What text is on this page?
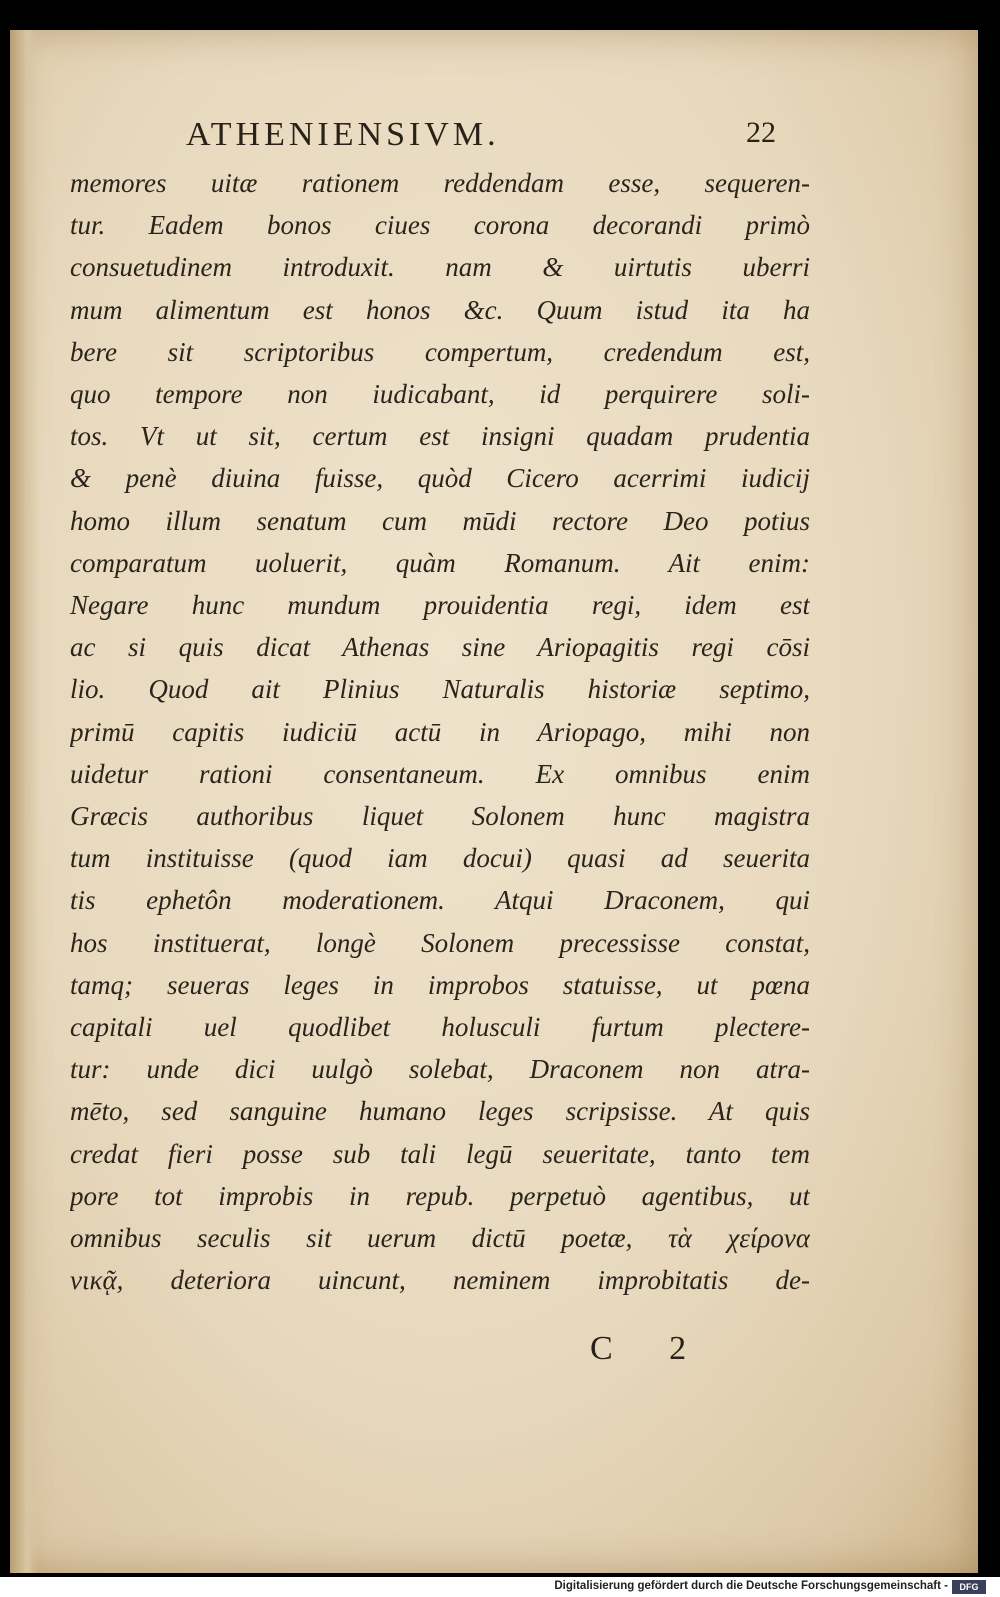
ATHENIENSIVM.	22
memores uitæ rationem reddendam esse, sequeren-
tur. Eadem bonos ciues corona decorandi primò
consuetudinem introduxit. nam & uirtutis uberri
mum alimentum est honos &c. Quum istud ita ha
bere sit scriptoribus compertum, credendum est,
quo tempore non iudicabant, id perquirere soli-
tos. Vt ut sit, certum est insigni quadam prudentia
& penè diuina fuisse, quòd Cicero acerrimi iudicij
homo illum senatum cum mūdi rectore Deo potius
comparatum uoluerit, quàm Romanum. Ait enim:
Negare hunc mundum prouidentia regi, idem est
ac si quis dicat Athenas sine Ariopagitis regi cōsi
lio. Quod ait Plinius Naturalis historiæ septimo,
primū capitis iudiciū actū in Ariopago, mihi non
uidetur rationi consentaneum. Ex omnibus enim
Græcis authoribus liquet Solonem hunc magistra
tum instituisse (quod iam docui) quasi ad seuerita
tis ephetôn moderationem. Atqui Draconem, qui
hos instituerat, longè Solonem precessisse constat,
tamq; seueras leges in improbos statuisse, ut pœna
capitali uel quodlibet holusculi furtum plectere-
tur: unde dici uulgò solebat, Draconem non atra-
mēto, sed sanguine humano leges scripsisse. At quis
credat fieri posse sub tali legū seueritate, tanto tem
pore tot improbis in repub. perpetuò agentibus, ut
omnibus seculis sit uerum dictū poetæ, τὰ χείρονα
νικᾷ, deteriora uincunt, neminem improbitatis de-
C 2
Digitalisierung gefördert durch die Deutsche Forschungsgemeinschaft -	DFG
